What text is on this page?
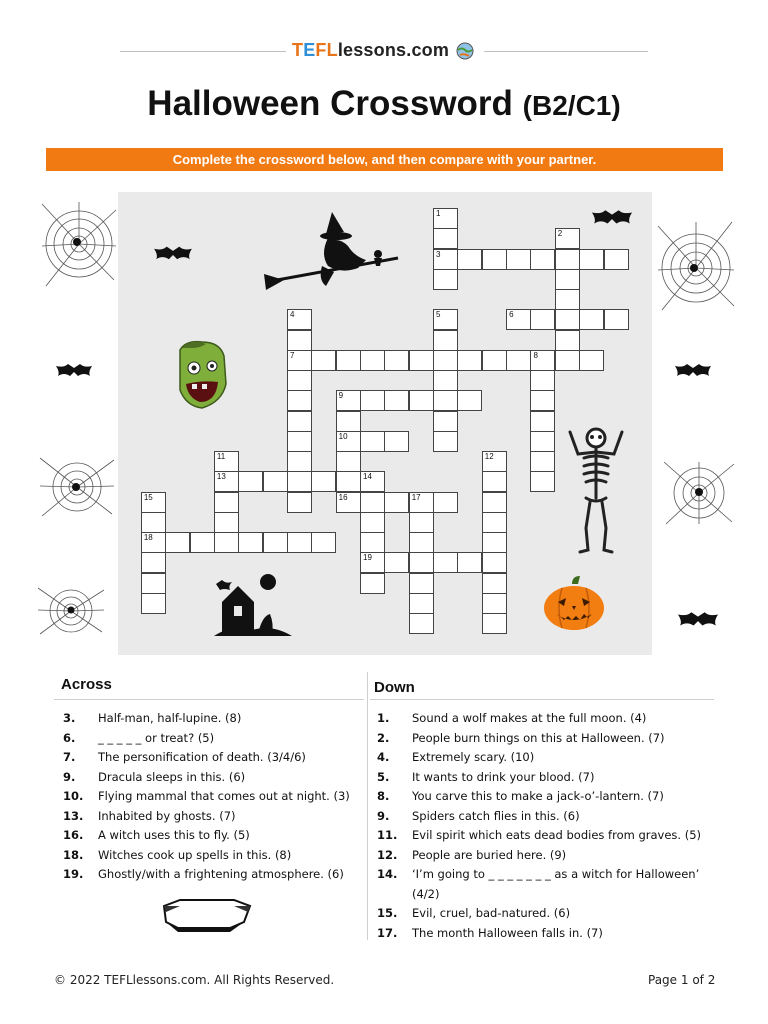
TEFLlessons.com
Halloween Crossword (B2/C1)
Complete the crossword below, and then compare with your partner.
3
6
7	8
9
10
13	14
16	17
18
19
1
2
4	5
11	12
15
Across	Down
3. Half-man, half-lupine. (8)
6. _ _ _ _ _ or treat? (5)
7. The personification of death. (3/4/6)
9. Dracula sleeps in this. (6)
10. Flying mammal that comes out at night. (3)
13. Inhabited by ghosts. (7)
16. A witch uses this to fly. (5)
18. Witches cook up spells in this. (8)
19. Ghostly/with a frightening atmosphere. (6)
1. Sound a wolf makes at the full moon. (4)
2. People burn things on this at Halloween. (7)
4. Extremely scary. (10)
5. It wants to drink your blood. (7)
8. You carve this to make a jack-o’-lantern. (7)
9. Spiders catch flies in this. (6)
11. Evil spirit which eats dead bodies from graves. (5)
12. People are buried here. (9)
14. ‘I’m going to _ _ _ _ _ _ _ as a witch for Halloween’
(4/2)
15. Evil, cruel, bad-natured. (6)
17. The month Halloween falls in. (7)
© 2022 TEFLlessons.com. All Rights Reserved.	Page 1 of 2
